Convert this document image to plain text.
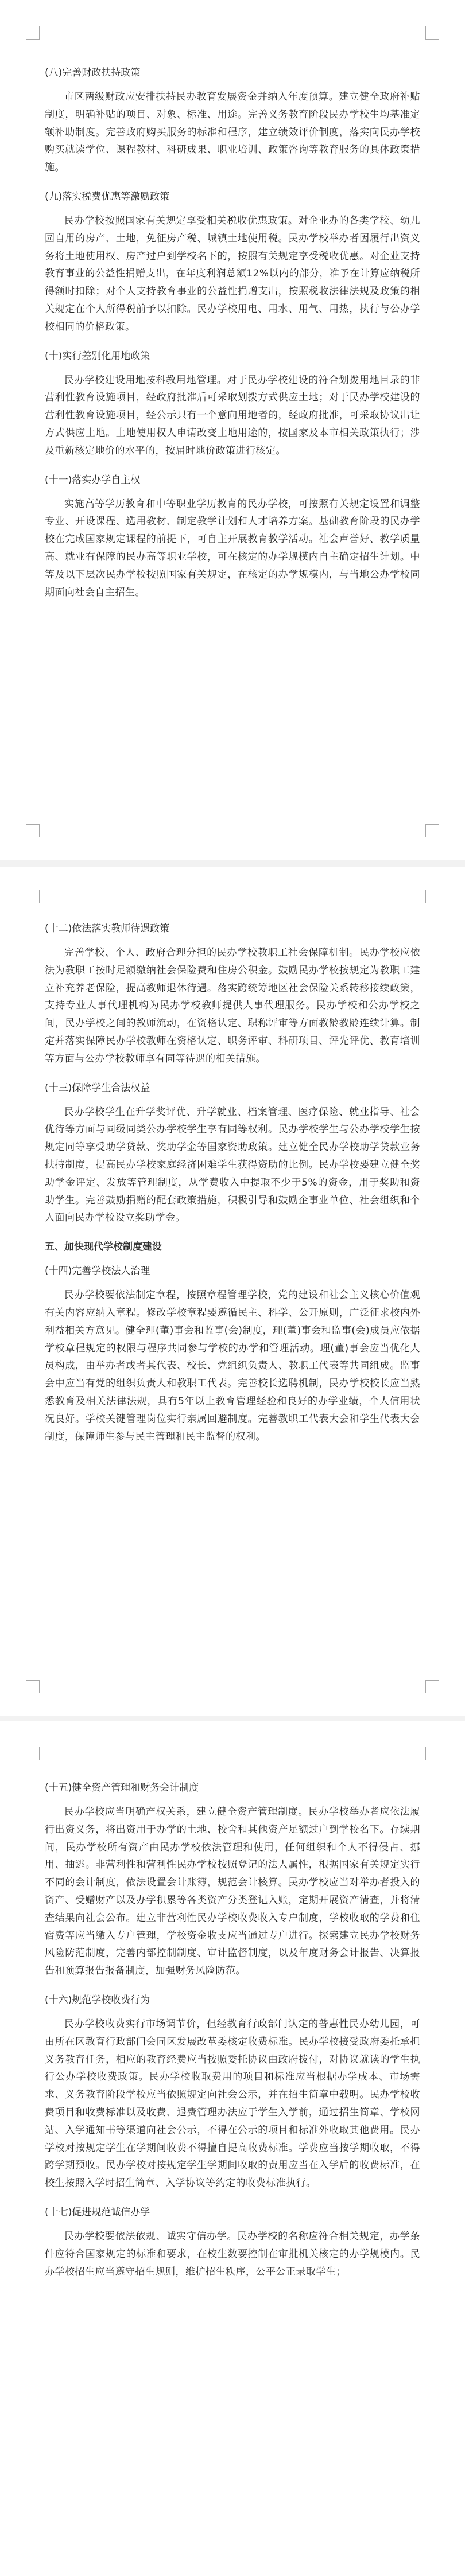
(八)完善财政扶持政策
市区两级财政应安排扶持民办教育发展资金并纳入年度预算。建立健全政府补贴制度，明确补贴的项目、对象、标准、用途。完善义务教育阶段民办学校生均基准定额补助制度。完善政府购买服务的标准和程序，建立绩效评价制度，落实向民办学校购买就读学位、课程教材、科研成果、职业培训、政策咨询等教育服务的具体政策措施。
(九)落实税费优惠等激励政策
民办学校按照国家有关规定享受相关税收优惠政策。对企业办的各类学校、幼儿园自用的房产、土地，免征房产税、城镇土地使用税。民办学校举办者因履行出资义务将土地使用权、房产过户到学校名下的，按照有关规定享受税收优惠。对企业支持教育事业的公益性捐赠支出，在年度利润总额12%以内的部分，准予在计算应纳税所得额时扣除；对个人支持教育事业的公益性捐赠支出，按照税收法律法规及政策的相关规定在个人所得税前予以扣除。民办学校用电、用水、用气、用热，执行与公办学校相同的价格政策。
(十)实行差别化用地政策
民办学校建设用地按科教用地管理。对于民办学校建设的符合划拨用地目录的非营利性教育设施项目，经政府批准后可采取划拨方式供应土地；对于民办学校建设的营利性教育设施项目，经公示只有一个意向用地者的，经政府批准，可采取协议出让方式供应土地。土地使用权人申请改变土地用途的，按国家及本市相关政策执行；涉及重新核定地价的水平的，按届时地价政策进行核定。
(十一)落实办学自主权
实施高等学历教育和中等职业学历教育的民办学校，可按照有关规定设置和调整专业、开设课程、选用教材、制定教学计划和人才培养方案。基础教育阶段的民办学校在完成国家规定课程的前提下，可自主开展教育教学活动。社会声誉好、教学质量高、就业有保障的民办高等职业学校，可在核定的办学规模内自主确定招生计划。中等及以下层次民办学校按照国家有关规定，在核定的办学规模内，与当地公办学校同期面向社会自主招生。
(十二)依法落实教师待遇政策
完善学校、个人、政府合理分担的民办学校教职工社会保障机制。民办学校应依法为教职工按时足额缴纳社会保险费和住房公积金。鼓励民办学校按规定为教职工建立补充养老保险，提高教师退休待遇。落实跨统筹地区社会保险关系转移接续政策，支持专业人事代理机构为民办学校教师提供人事代理服务。民办学校和公办学校之间，民办学校之间的教师流动，在资格认定、职称评审等方面教龄教龄连续计算。制定并落实保障民办学校教师在资格认定、职务评审、科研项目、评先评优、教育培训等方面与公办学校教师享有同等待遇的相关措施。
(十三)保障学生合法权益
民办学校学生在升学奖评优、升学就业、档案管理、医疗保险、就业指导、社会优待等方面与同级同类公办学校学生享有同等权利。民办学校学生与公办学校学生按规定同等享受助学贷款、奖助学金等国家资助政策。建立健全民办学校助学贷款业务扶持制度，提高民办学校家庭经济困难学生获得资助的比例。民办学校要建立健全奖助学金评定、发放等管理制度，从学费收入中提取不少于5%的资金，用于奖助和资助学生。完善鼓励捐赠的配套政策措施，积极引导和鼓励企事业单位、社会组织和个人面向民办学校设立奖助学金。
五、加快现代学校制度建设
(十四)完善学校法人治理
民办学校要依法制定章程，按照章程管理学校，党的建设和社会主义核心价值观有关内容应纳入章程。修改学校章程要遵循民主、科学、公开原则，广泛征求校内外利益相关方意见。健全理(董)事会和监事(会)制度，理(董)事会和监事(会)成员应依据学校章程规定的权限与程序共同参与学校的办学和管理活动。理(董)事会应当优化人员构成，由举办者或者其代表、校长、党组织负责人、教职工代表等共同组成。监事会中应当有党的组织负责人和教职工代表。完善校长选聘机制，民办学校校长应当熟悉教育及相关法律法规，具有5年以上教育管理经验和良好的办学业绩，个人信用状况良好。学校关键管理岗位实行亲属回避制度。完善教职工代表大会和学生代表大会制度，保障师生参与民主管理和民主监督的权利。
(十五)健全资产管理和财务会计制度
民办学校应当明确产权关系，建立健全资产管理制度。民办学校举办者应依法履行出资义务，将出资用于办学的土地、校舍和其他资产足额过户到学校名下。存续期间，民办学校所有资产由民办学校依法管理和使用，任何组织和个人不得侵占、挪用、抽逃。非营利性和营利性民办学校按照登记的法人属性，根据国家有关规定实行不同的会计制度，依法设置会计账簿，规范会计核算。民办学校应当对举办者投入的资产、受赠财产以及办学积累等各类资产分类登记入账，定期开展资产清查，并将清查结果向社会公布。建立非营利性民办学校收费收入专户制度，学校收取的学费和住宿费等应当缴入专户管理，学校资金收支应当通过专户进行。探索建立民办学校财务风险防范制度，完善内部控制制度、审计监督制度，以及年度财务会计报告、决算报告和预算报告报备制度，加强财务风险防范。
(十六)规范学校收费行为
民办学校收费实行市场调节价，但经教育行政部门认定的普惠性民办幼儿园，可由所在区教育行政部门会同区发展改革委核定收费标准。民办学校接受政府委托承担义务教育任务，相应的教育经费应当按照委托协议由政府拨付，对协议就读的学生执行公办学校收费政策。民办学校收取费用的项目和标准应当根据办学成本、市场需求、义务教育阶段学校应当依照规定向社会公示，并在招生简章中载明。民办学校收费项目和收费标准以及收费、退费管理办法应于学生入学前，通过招生简章、学校网站、入学通知书等渠道向社会公示，不得在公示的项目和标准外收取其他费用。民办学校对按规定学生在学期间收费不得擅自提高收费标准。学费应当按学期收取，不得跨学期预收。民办学校对按规定学生学期间收取的费用应当在入学后的收费标准，在校生按照入学时招生简章、入学协议等约定的收费标准执行。
(十七)促进规范诚信办学
民办学校要依法依规、诚实守信办学。民办学校的名称应符合相关规定，办学条件应符合国家规定的标准和要求，在校生数要控制在审批机关核定的办学规模内。民办学校招生应当遵守招生规则，维护招生秩序，公平公正录取学生；
